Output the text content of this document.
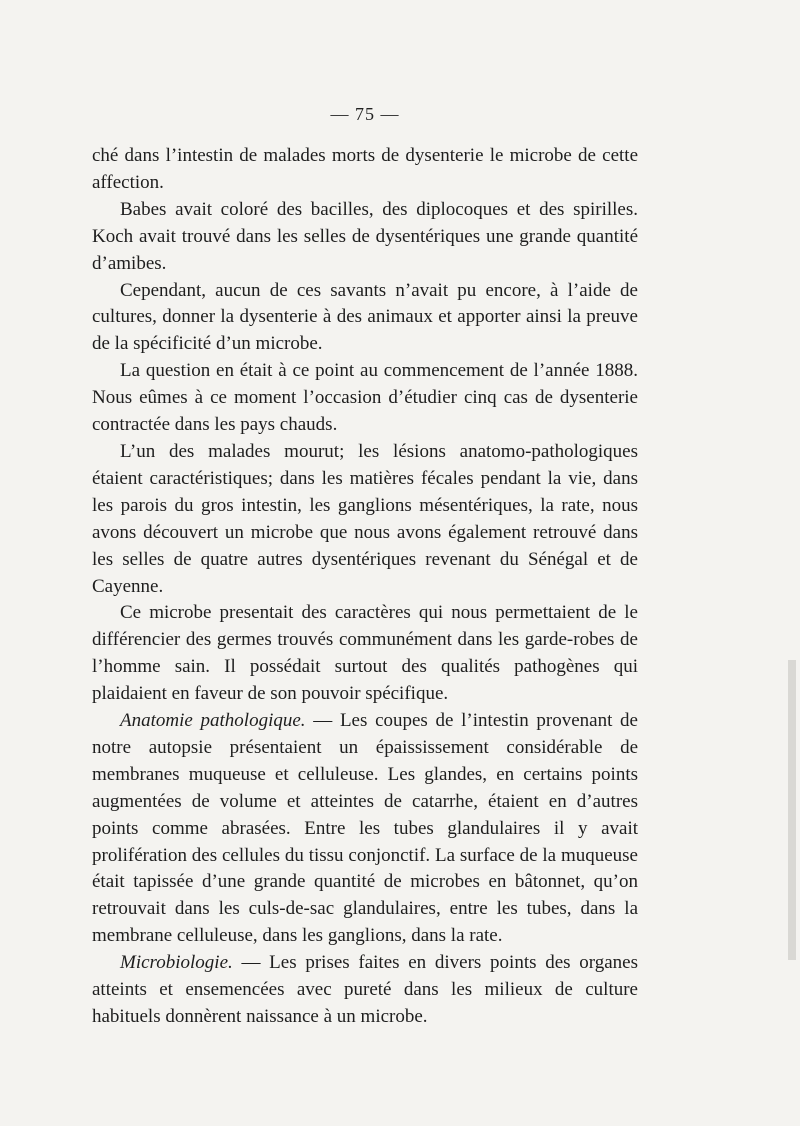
— 75 —

ché dans l’intestin de malades morts de dysenterie le microbe de cette affection.

Babes avait coloré des bacilles, des diplocoques et des spirilles. Koch avait trouvé dans les selles de dysentériques une grande quantité d’amibes.

Cependant, aucun de ces savants n’avait pu encore, à l’aide de cultures, donner la dysenterie à des animaux et apporter ainsi la preuve de la spécificité d’un microbe.

La question en était à ce point au commencement de l’année 1888. Nous eûmes à ce moment l’occasion d’étudier cinq cas de dysenterie contractée dans les pays chauds.

L’un des malades mourut; les lésions anatomo-pathologiques étaient caractéristiques; dans les matières fécales pendant la vie, dans les parois du gros intestin, les ganglions mésentériques, la rate, nous avons découvert un microbe que nous avons également retrouvé dans les selles de quatre autres dysentériques revenant du Sénégal et de Cayenne.

Ce microbe presentait des caractères qui nous permettaient de le différencier des germes trouvés communément dans les garde-robes de l’homme sain. Il possédait surtout des qualités pathogènes qui plaidaient en faveur de son pouvoir spécifique.

Anatomie pathologique. — Les coupes de l’intestin provenant de notre autopsie présentaient un épaississement considérable de membranes muqueuse et celluleuse. Les glandes, en certains points augmentées de volume et atteintes de catarrhe, étaient en d’autres points comme abrasées. Entre les tubes glandulaires il y avait prolifération des cellules du tissu conjonctif. La surface de la muqueuse était tapissée d’une grande quantité de microbes en bâtonnet, qu’on retrouvait dans les culs-de-sac glandulaires, entre les tubes, dans la membrane celluleuse, dans les ganglions, dans la rate.

Microbiologie. — Les prises faites en divers points des organes atteints et ensemencées avec pureté dans les milieux de culture habituels donnèrent naissance à un microbe.
